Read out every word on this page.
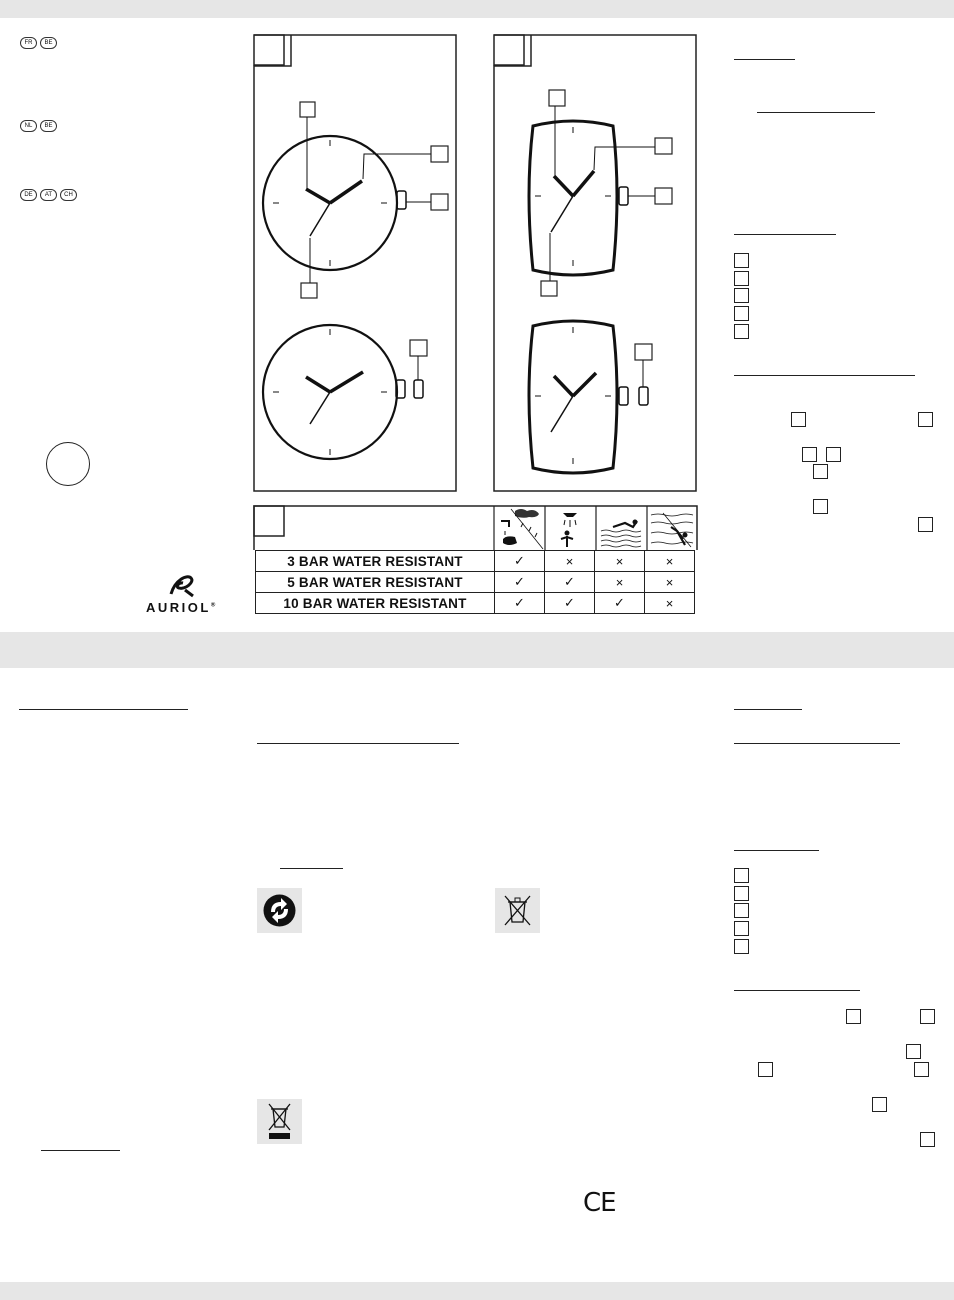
FR	BE
NL	BE
DE	AT	CH
AURIOL®
3 BAR WATER RESISTANT	✓	×	×	×
5 BAR WATER RESISTANT	✓	✓	×	×
10 BAR WATER RESISTANT	✓	✓	✓	×
CE
